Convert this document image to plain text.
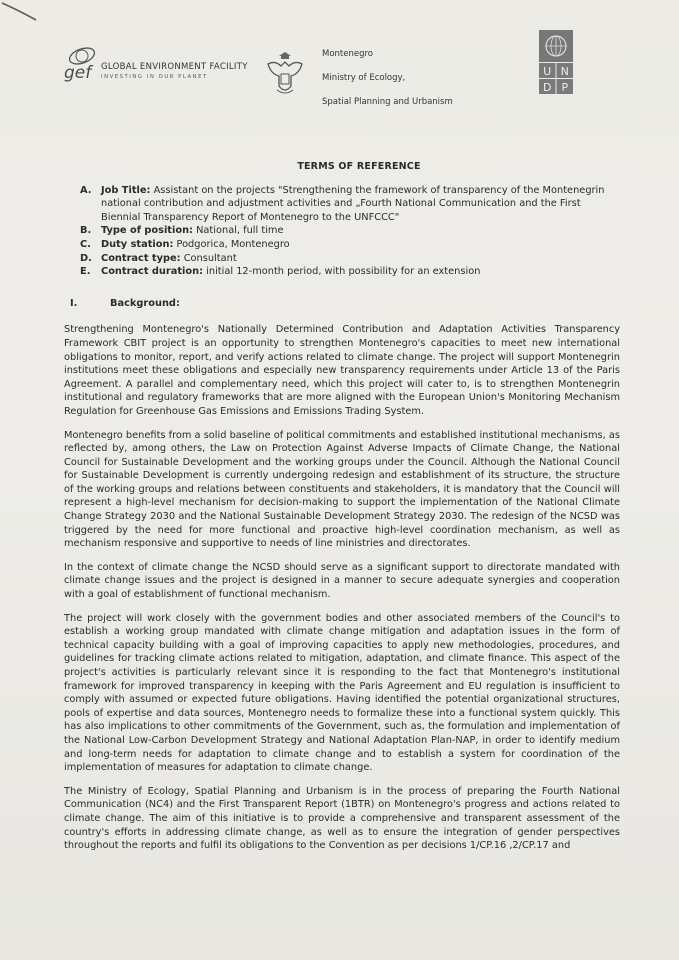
gef	GLOBAL ENVIRONMENT FACILITY
INVESTING IN OUR PLANET
Montenegro
Ministry of Ecology,
Spatial Planning and Urbanism
U N
D P
TERMS OF REFERENCE
A. Job Title: Assistant on the projects "Strengthening the framework of transparency of the Montenegrin national contribution and adjustment activities and „Fourth National Communication and the First Biennial Transparency Report of Montenegro to the UNFCCC"
B. Type of position: National, full time
C.	Duty station: Podgorica, Montenegro
D. Contract type: Consultant
E.	Contract duration: initial 12-month period, with possibility for an extension
I.	Background:

Strengthening Montenegro's Nationally Determined Contribution and Adaptation Activities Transparency Framework CBIT project is an opportunity to strengthen Montenegro's capacities to meet new international obligations to monitor, report, and verify actions related to climate change. The project will support Montenegrin institutions meet these obligations and especially new transparency requirements under Article 13 of the Paris Agreement. A parallel and complementary need, which this project will cater to, is to strengthen Montenegrin institutional and regulatory frameworks that are more aligned with the European Union's Monitoring Mechanism Regulation for Greenhouse Gas Emissions and Emissions Trading System.

Montenegro benefits from a solid baseline of political commitments and established institutional mechanisms, as reflected by, among others, the Law on Protection Against Adverse Impacts of Climate Change, the National Council for Sustainable Development and the working groups under the Council. Although the National Council for Sustainable Development is currently undergoing redesign and establishment of its structure, the structure of the working groups and relations between constituents and stakeholders, it is mandatory that the Council will represent a high-level mechanism for decision-making to support the implementation of the National Climate Change Strategy 2030 and the National Sustainable Development Strategy 2030. The redesign of the NCSD was triggered by the need for more functional and proactive high-level coordination mechanism, as well as mechanism responsive and supportive to needs of line ministries and directorates.

In the context of climate change the NCSD should serve as a significant support to directorate mandated with climate change issues and the project is designed in a manner to secure adequate synergies and cooperation with a goal of establishment of functional mechanism.

The project will work closely with the government bodies and other associated members of the Council's to establish a working group mandated with climate change mitigation and adaptation issues in the form of technical capacity building with a goal of improving capacities to apply new methodologies, procedures, and guidelines for tracking climate actions related to mitigation, adaptation, and climate finance. This aspect of the project's activities is particularly relevant since it is responding to the fact that Montenegro's institutional framework for improved transparency in keeping with the Paris Agreement and EU regulation is insufficient to comply with assumed or expected future obligations. Having identified the potential organizational structures, pools of expertise and data sources, Montenegro needs to formalize these into a functional system quickly. This has also implications to other commitments of the Government, such as, the formulation and implementation of the National Low-Carbon Development Strategy and National Adaptation Plan-NAP, in order to identify medium and long-term needs for adaptation to climate change and to establish a system for coordination of the implementation of measures for adaptation to climate change.

The Ministry of Ecology, Spatial Planning and Urbanism is in the process of preparing the Fourth National Communication (NC4) and the First Transparent Report (1BTR) on Montenegro's progress and actions related to climate change. The aim of this initiative is to provide a comprehensive and transparent assessment of the country's efforts in addressing climate change, as well as to ensure the integration of gender perspectives throughout the reports and fulfil its obligations to the Convention as per decisions 1/CP.16 ,2/CP.17 and
